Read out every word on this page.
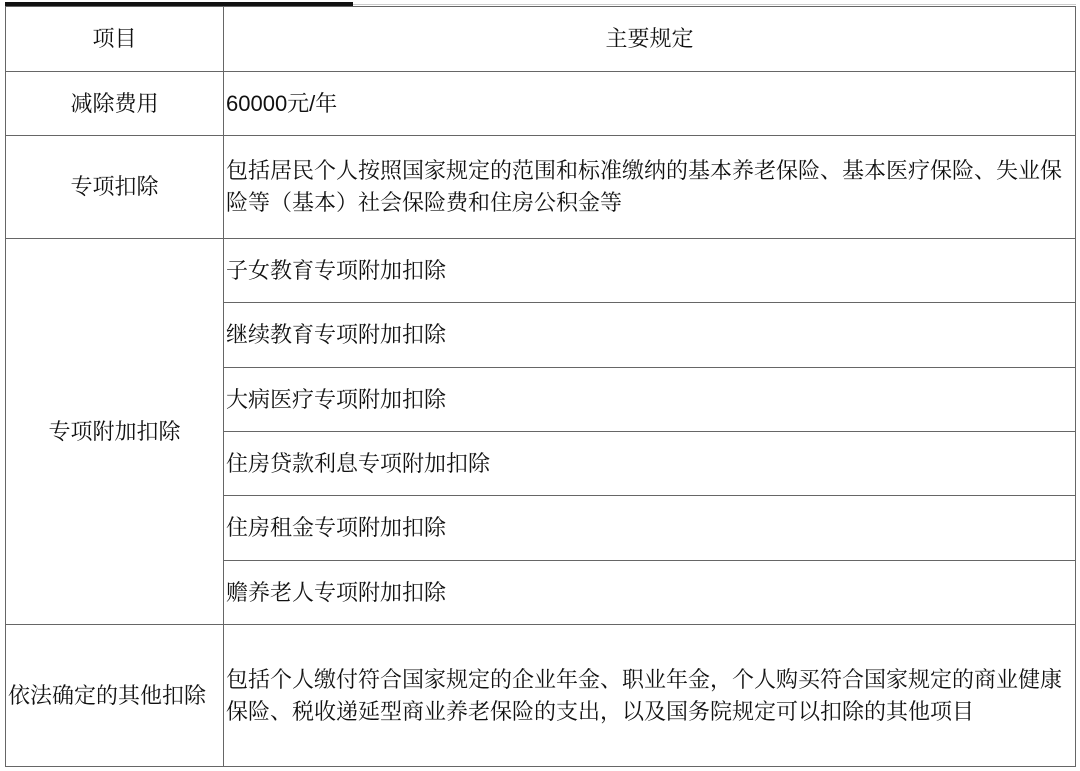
项目	主要规定
减除费用	60000元/年
专项扣除	包括居民个人按照国家规定的范围和标准缴纳的基本养老保险、基本医疗保险、失业保险等（基本）社会保险费和住房公积金等
专项附加扣除	子女教育专项附加扣除
	继续教育专项附加扣除
	大病医疗专项附加扣除
	住房贷款利息专项附加扣除
	住房租金专项附加扣除
	赡养老人专项附加扣除
依法确定的其他扣除	包括个人缴付符合国家规定的企业年金、职业年金，个人购买符合国家规定的商业健康保险、税收递延型商业养老保险的支出，以及国务院规定可以扣除的其他项目
